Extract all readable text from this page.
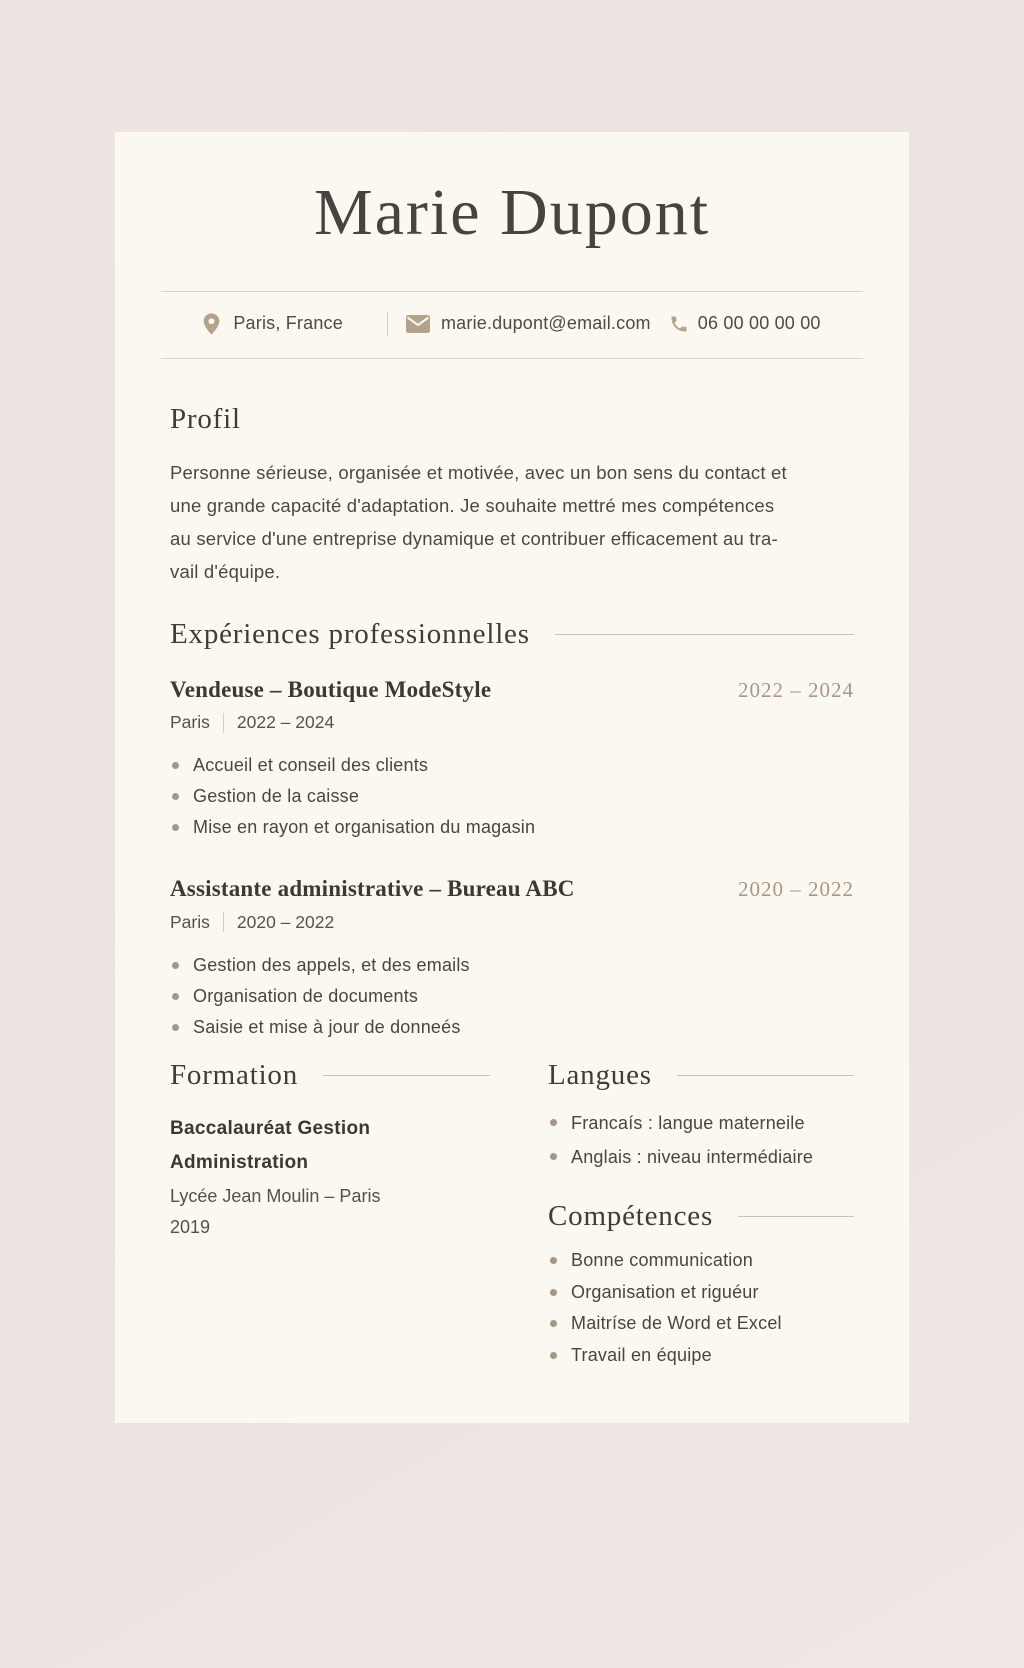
Marie Dupont
Paris, France	marie.dupont@email.com	06 00 00 00 00
Profil

Personne sérieuse, organisée et motivée, avec un bon sens du contact et
une grande capacité d'adaptation. Je souhaite mettré mes compétences
au service d'une entreprise dynamique et contribuer efficacement au tra-
vail d'équipe.

Expériences professionnelles
Vendeuse – Boutique ModeStyle	2022 – 2024
Paris 2022 – 2024
Accueil et conseil des clients
Gestion de la caisse
Mise en rayon et organisation du magasin
Assistante administrative – Bureau ABC	2020 – 2022
Paris 2020 – 2022
Gestion des appels, et des emails
Organisation de documents
Saisie et mise à jour de donneés
Formation
Baccalauréat Gestion Administration
Lycée Jean Moulin – Paris
2019
Langues
Francaís : langue materneile
Anglais : niveau intermédiaire
Compétences
Bonne communication
Organisation et riguéur
Maitríse de Word et Excel
Travail en équipe
